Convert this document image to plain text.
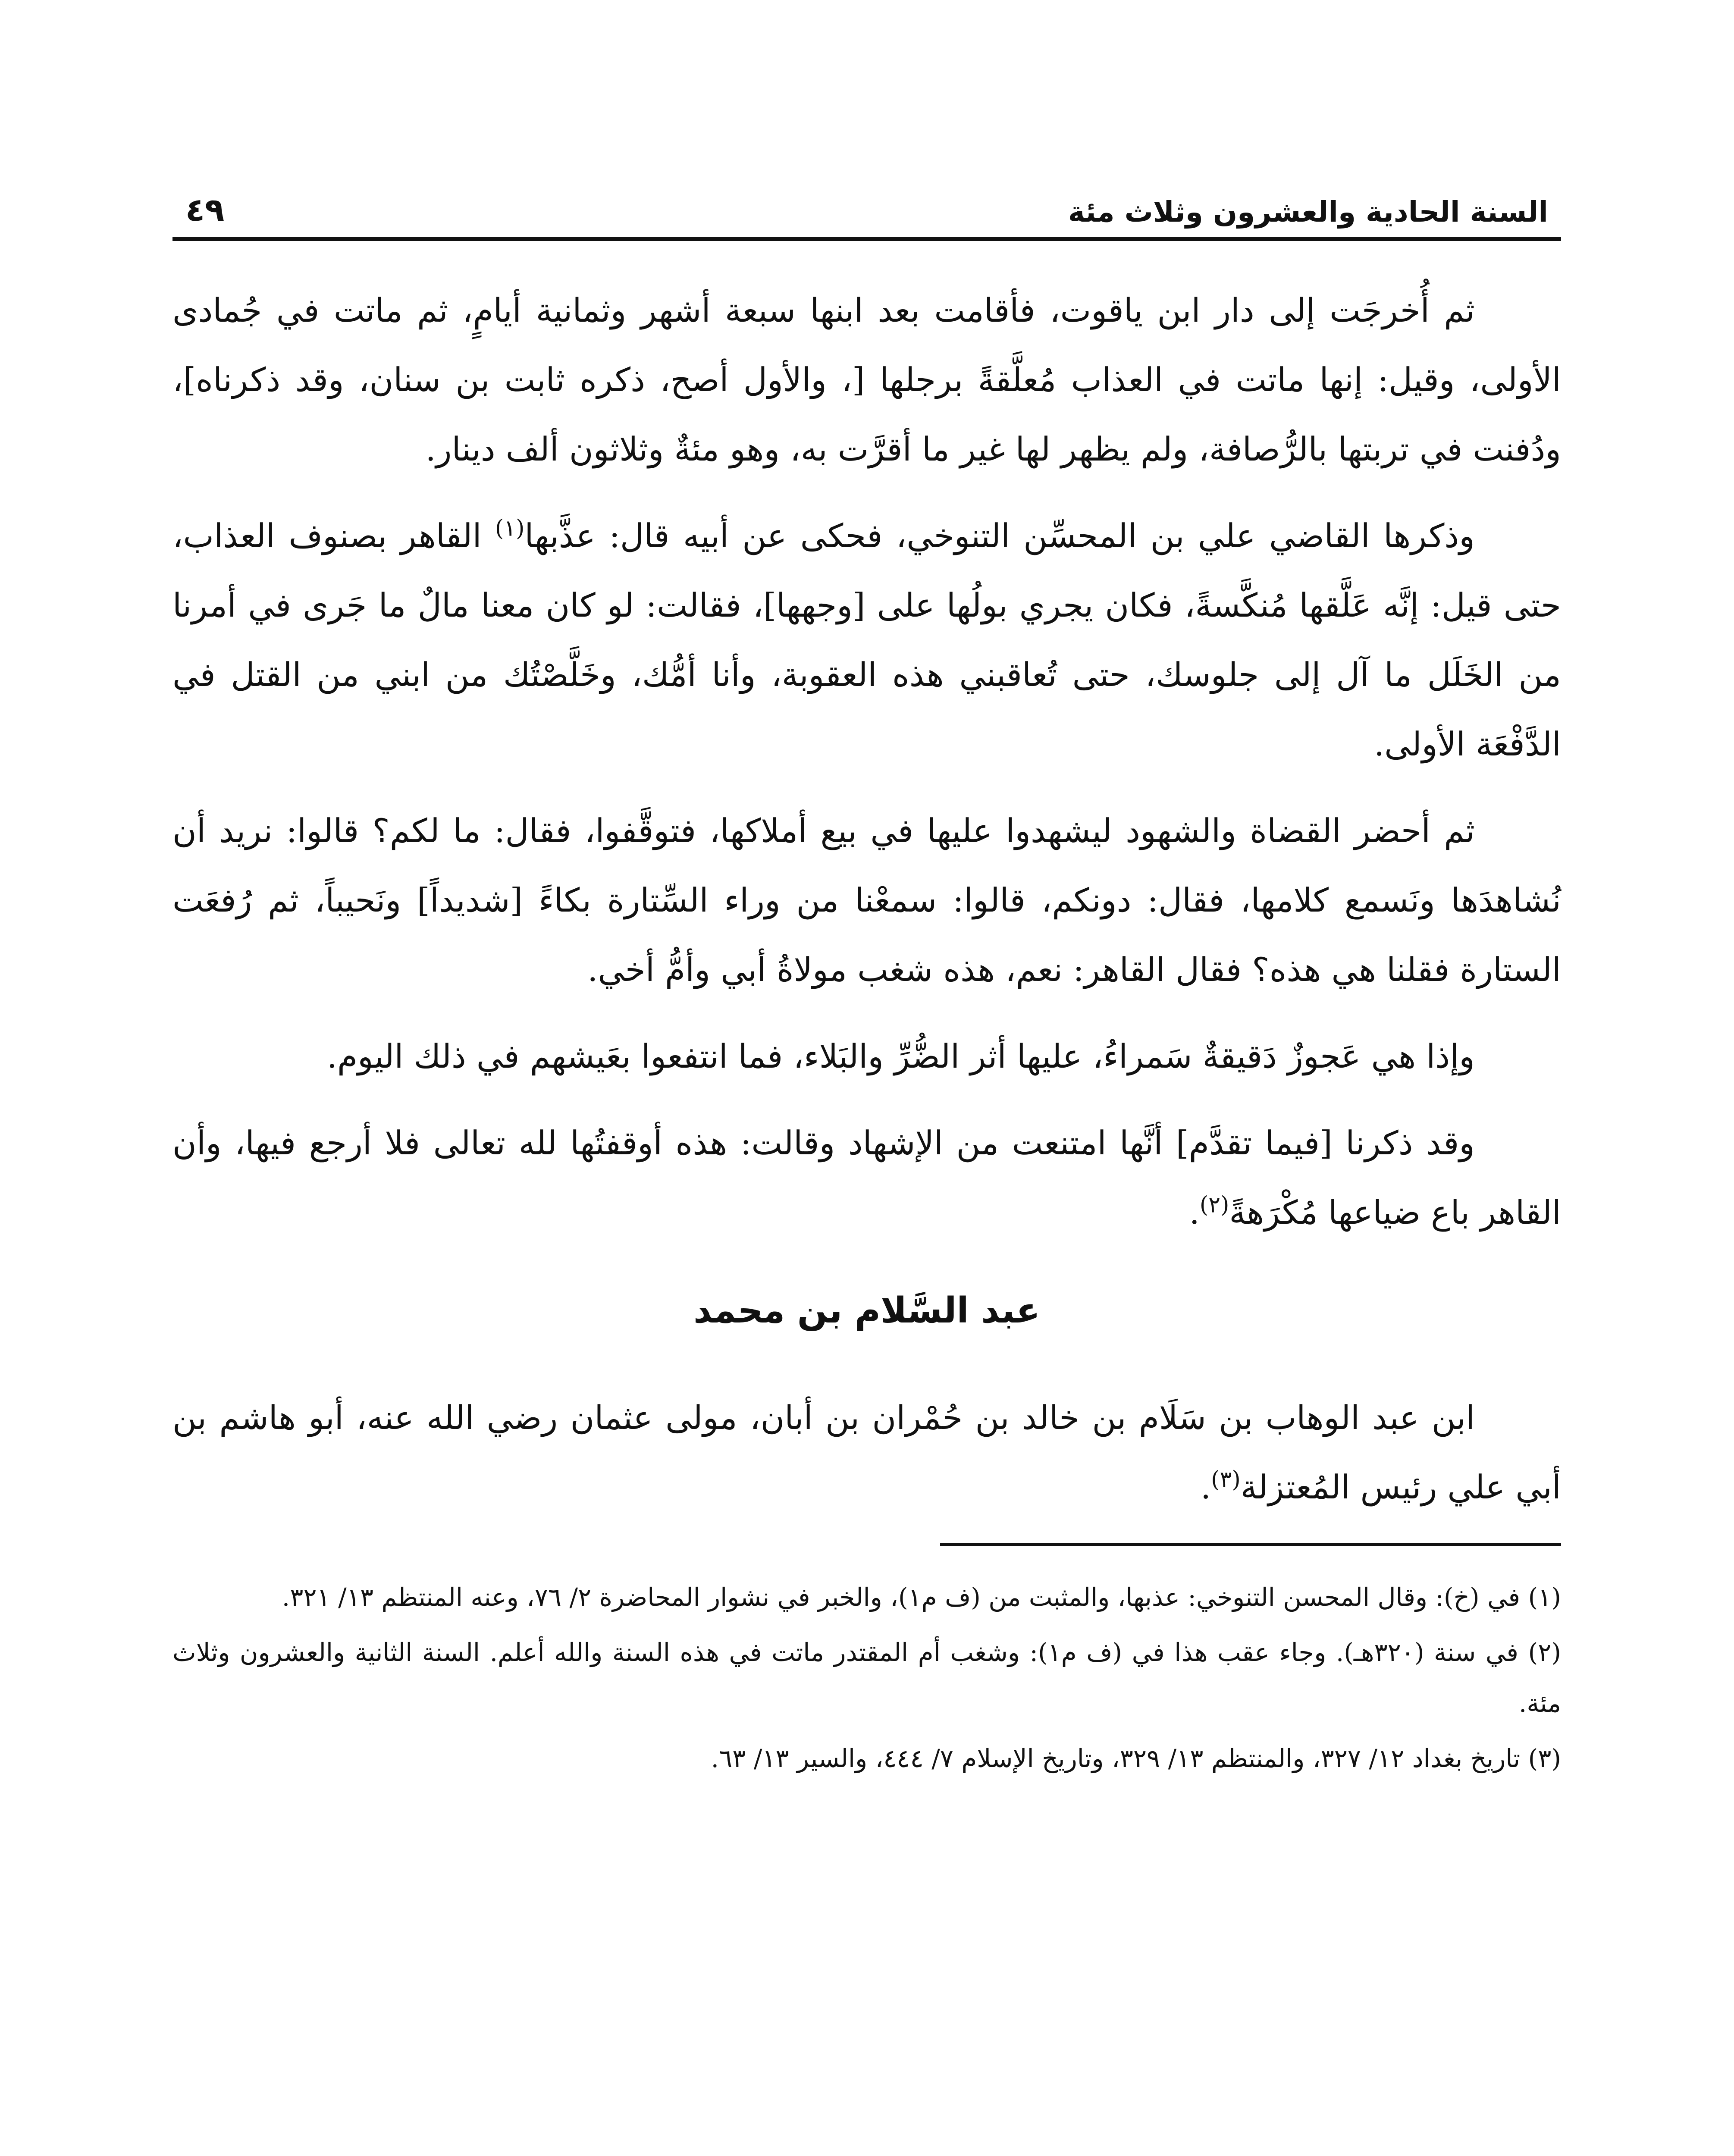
السنة الحادية والعشرون وثلاث مئة
٤٩

ثم أُخرجَت إلى دار ابن ياقوت، فأقامت بعد ابنها سبعة أشهر وثمانية أيامٍ، ثم ماتت في جُمادى الأولى، وقيل: إنها ماتت في العذاب مُعلَّقةً برجلها [، والأول أصح، ذكره ثابت بن سنان، وقد ذكرناه]، ودُفنت في تربتها بالرُّصافة، ولم يظهر لها غير ما أقرَّت به، وهو مئةٌ وثلاثون ألف دينار.

وذكرها القاضي علي بن المحسِّن التنوخي، فحكى عن أبيه قال: عذَّبها$^{(١)}$ القاهر بصنوف العذاب، حتى قيل: إنَّه عَلَّقها مُنكَّسةً، فكان يجري بولُها على [وجهها]، فقالت: لو كان معنا مالٌ ما جَرى في أمرنا من الخَلَل ما آل إلى جلوسك، حتى تُعاقبني هذه العقوبة، وأنا أمُّك، وخَلَّصْتُك من ابني من القتل في الدَّفْعَة الأولى.

ثم أحضر القضاة والشهود ليشهدوا عليها في بيع أملاكها، فتوقَّفوا، فقال: ما لكم؟ قالوا: نريد أن نُشاهدَها ونَسمع كلامها، فقال: دونكم، قالوا: سمعْنا من وراء السِّتارة بكاءً [شديداً] ونَحيباً، ثم رُفعَت الستارة فقلنا هي هذه؟ فقال القاهر: نعم، هذه شغب مولاةُ أبي وأمُّ أخي.

وإذا هي عَجوزٌ دَقيقةٌ سَمراءُ، عليها أثر الضُّرِّ والبَلاء، فما انتفعوا بعَيشهم في ذلك اليوم.

وقد ذكرنا [فيما تقدَّم] أنَّها امتنعت من الإشهاد وقالت: هذه أوقفتُها لله تعالى فلا أرجع فيها، وأن القاهر باع ضياعها مُكْرَهةً$^{(٢)}$.

عبد السَّلام بن محمد

ابن عبد الوهاب بن سَلَام بن خالد بن حُمْران بن أبان، مولى عثمان رضي الله عنه، أبو هاشم بن أبي علي رئيس المُعتزلة$^{(٣)}$.

(١) في (خ): وقال المحسن التنوخي: عذبها، والمثبت من (ف م١)، والخبر في نشوار المحاضرة ٢/ ٧٦، وعنه المنتظم ١٣/ ٣٢١.

(٢) في سنة (٣٢٠هـ). وجاء عقب هذا في (ف م١): وشغب أم المقتدر ماتت في هذه السنة والله أعلم. السنة الثانية والعشرون وثلاث مئة.

(٣) تاريخ بغداد ١٢/ ٣٢٧، والمنتظم ١٣/ ٣٢٩، وتاريخ الإسلام ٧/ ٤٤٤، والسير ١٣/ ٦٣.
